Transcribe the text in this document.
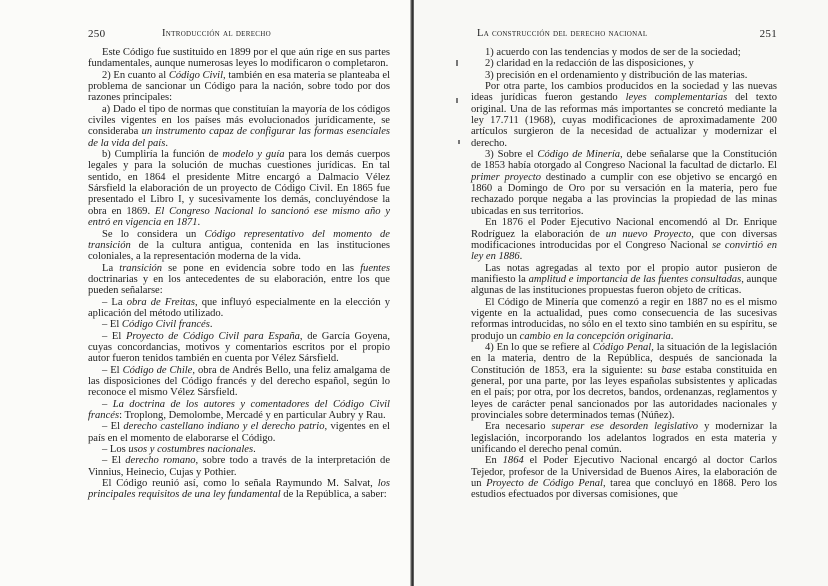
250	Introducción al derecho

Este Código fue sustituido en 1899 por el que aún rige en sus partes fundamentales, aunque numerosas leyes lo modificaron o completaron.

2) En cuanto al Código Civil, también en esa materia se planteaba el problema de sancionar un Código para la nación, sobre todo por dos razones principales:

a) Dado el tipo de normas que constituían la mayoría de los códigos civiles vigentes en los países más evolucionados jurídicamente, se consideraba un instrumento capaz de configurar las formas esenciales de la vida del país.

b) Cumpliría la función de modelo y guía para los demás cuerpos legales y para la solución de muchas cuestiones jurídicas. En tal sentido, en 1864 el presidente Mitre encargó a Dalmacio Vélez Sársfield la elaboración de un proyecto de Código Civil. En 1865 fue presentado el Libro I, y sucesivamente los demás, concluyéndose la obra en 1869. El Congreso Nacional lo sancionó ese mismo año y entró en vigencia en 1871.

Se lo considera un Código representativo del momento de transición de la cultura antigua, contenida en las instituciones coloniales, a la representación moderna de la vida.

La transición se pone en evidencia sobre todo en las fuentes doctrinarias y en los antecedentes de su elaboración, entre los que pueden señalarse:

– La obra de Freitas, que influyó especialmente en la elección y aplicación del método utilizado.

– El Código Civil francés.

– El Proyecto de Código Civil para España, de García Goyena, cuyas concordancias, motivos y comentarios escritos por el propio autor fueron tenidos también en cuenta por Vélez Sársfield.

– El Código de Chile, obra de Andrés Bello, una feliz amalgama de las disposiciones del Código francés y del derecho español, según lo reconoce el mismo Vélez Sársfield.

– La doctrina de los autores y comentadores del Código Civil francés: Troplong, Demolombe, Mercadé y en particular Aubry y Rau.

– El derecho castellano indiano y el derecho patrio, vigentes en el país en el momento de elaborarse el Código.

– Los usos y costumbres nacionales.

– El derecho romano, sobre todo a través de la interpretación de Vinnius, Heinecio, Cujas y Pothier.

El Código reunió así, como lo señala Raymundo M. Salvat, los principales requisitos de una ley fundamental de la República, a saber:

La construcción del derecho nacional	251

1) acuerdo con las tendencias y modos de ser de la sociedad;

2) claridad en la redacción de las disposiciones, y

3) precisión en el ordenamiento y distribución de las materias.

Por otra parte, los cambios producidos en la sociedad y las nuevas ideas jurídicas fueron gestando leyes complementarias del texto original. Una de las reformas más importantes se concretó mediante la ley 17.711 (1968), cuyas modificaciones de aproximadamente 200 artículos surgieron de la necesidad de actualizar y modernizar el derecho.

3) Sobre el Código de Minería, debe señalarse que la Constitución de 1853 había otorgado al Congreso Nacional la facultad de dictarlo. El primer proyecto destinado a cumplir con ese objetivo se encargó en 1860 a Domingo de Oro por su versación en la materia, pero fue rechazado porque negaba a las provincias la propiedad de las minas ubicadas en sus territorios.

En 1876 el Poder Ejecutivo Nacional encomendó al Dr. Enrique Rodríguez la elaboración de un nuevo Proyecto, que con diversas modificaciones introducidas por el Congreso Nacional se convirtió en ley en 1886.

Las notas agregadas al texto por el propio autor pusieron de manifiesto la amplitud e importancia de las fuentes consultadas, aunque algunas de las instituciones propuestas fueron objeto de críticas.

El Código de Minería que comenzó a regir en 1887 no es el mismo vigente en la actualidad, pues como consecuencia de las sucesivas reformas introducidas, no sólo en el texto sino también en su espíritu, se produjo un cambio en la concepción originaria.

4) En lo que se refiere al Código Penal, la situación de la legislación en la materia, dentro de la República, después de sancionada la Constitución de 1853, era la siguiente: su base estaba constituida en general, por una parte, por las leyes españolas subsistentes y aplicadas en el país; por otra, por los decretos, bandos, ordenanzas, reglamentos y leyes de carácter penal sancionados por las autoridades nacionales y provinciales sobre determinados temas (Núñez).

Era necesario superar ese desorden legislativo y modernizar la legislación, incorporando los adelantos logrados en esta materia y unificando el derecho penal común.

En 1864 el Poder Ejecutivo Nacional encargó al doctor Carlos Tejedor, profesor de la Universidad de Buenos Aires, la elaboración de un Proyecto de Código Penal, tarea que concluyó en 1868. Pero los estudios efectuados por diversas comisiones, que
